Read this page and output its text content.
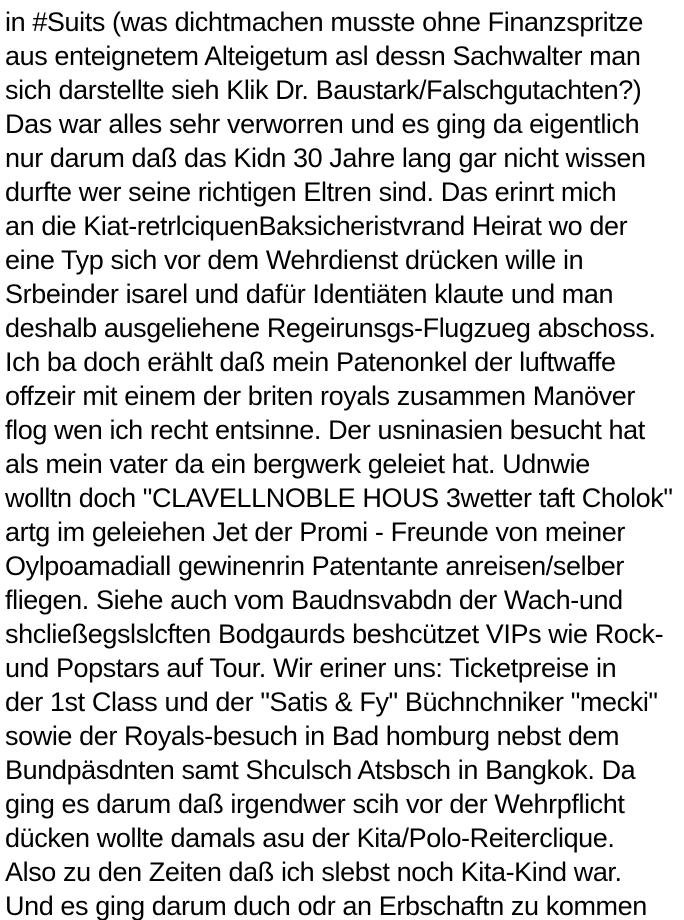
in #Suits (was dichtmachen musste ohne Finanzspritze
aus enteignetem Alteigetum asl dessn Sachwalter man
sich darstellte sieh Klik Dr. Baustark/Falschgutachten?)
Das war alles sehr verworren und es ging da eigentlich
nur darum daß das Kidn 30 Jahre lang gar nicht wissen
durfte wer seine richtigen Eltren sind. Das erinrt mich
an die Kiat-retrlciquenBaksicheristvrand Heirat wo der
eine Typ sich vor dem Wehrdienst drücken wille in
Srbeinder isarel und dafür Identiäten klaute und man
deshalb ausgeliehene Regeirunsgs-Flugzueg abschoss.
Ich ba doch erählt daß mein Patenonkel der luftwaffe
offzeir mit einem der briten royals zusammen Manöver
flog wen ich recht entsinne. Der usninasien besucht hat
als mein vater da ein bergwerk geleiet hat. Udnwie
wolltn doch "CLAVELLNOBLE HOUS 3wetter taft Cholok"
artg im geleiehen Jet der Promi - Freunde von meiner
Oylpoamadiall gewinenrin Patentante anreisen/selber
fliegen. Siehe auch vom Baudnsvabdn der Wach-und
shcließegslslcften Bodgaurds beshcützet VIPs wie Rock-
und Popstars auf Tour. Wir eriner uns: Ticketpreise in
der 1st Class und der "Satis & Fy" Büchnchniker "mecki"
sowie der Royals-besuch in Bad homburg nebst dem
Bundpäsdnten samt Shculsch Atsbsch in Bangkok. Da
ging es darum daß irgendwer scih vor der Wehrpflicht
dücken wollte damals asu der Kita/Polo-Reiterclique.
Also zu den Zeiten daß ich slebst noch Kita-Kind war.
Und es ging darum duch odr an Erbschaftn zu kommen
